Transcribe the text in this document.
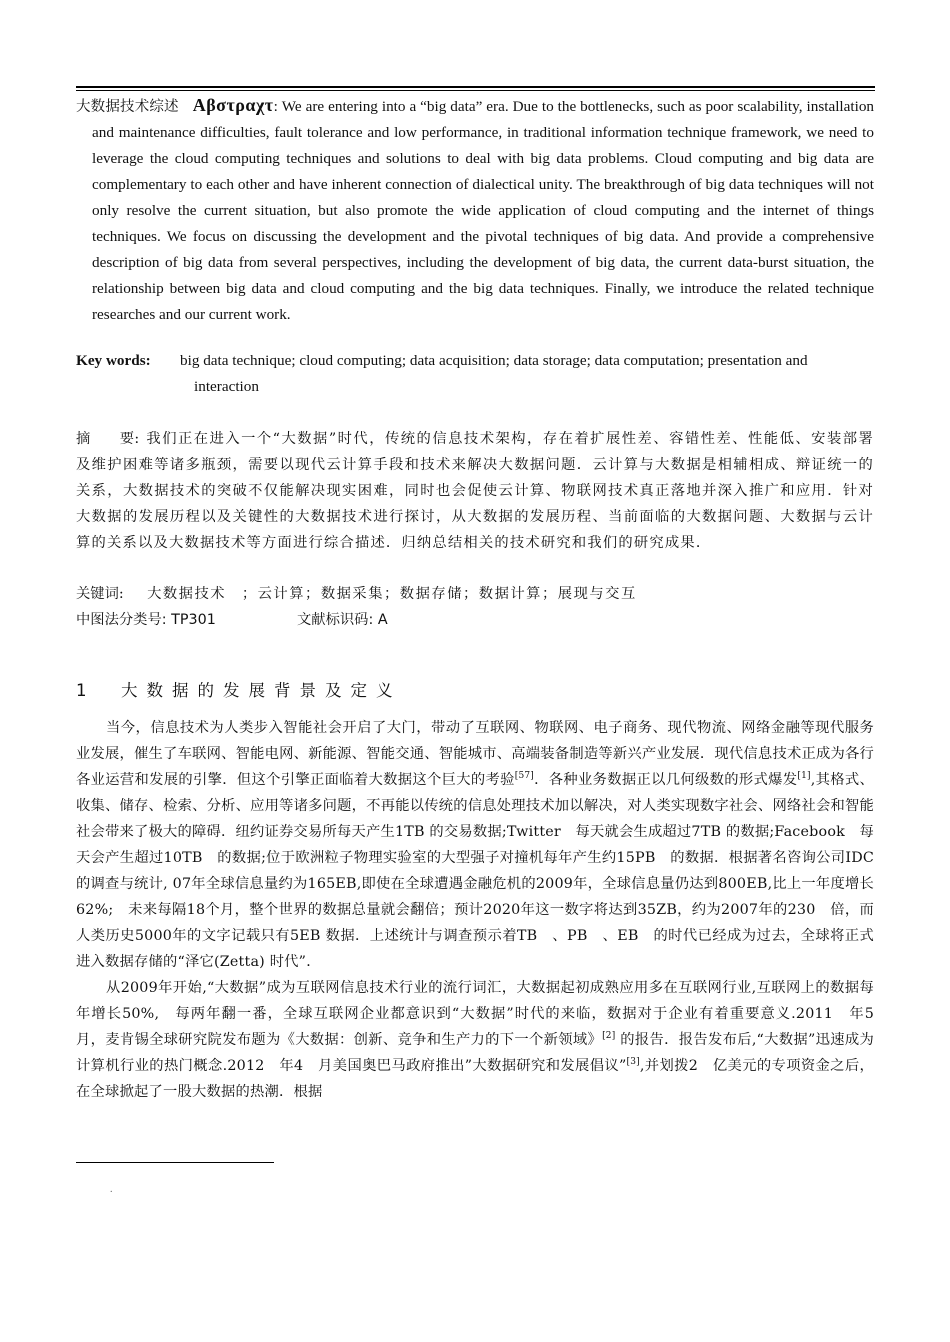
大数据技术综述 Αβστραχτ: We are entering into a “big data” era. Due to the bottlenecks, such as poor scalability, installation and maintenance difficulties, fault tolerance and low performance, in traditional information technique framework, we need to leverage the cloud computing techniques and solutions to deal with big data problems. Cloud computing and big data are complementary to each other and have inherent connection of dialectical unity. The breakthrough of big data techniques will not only resolve the current situation, but also promote the wide application of cloud computing and the internet of things techniques. We focus on discussing the development and the pivotal techniques of big data. And provide a comprehensive description of big data from several perspectives, including the development of big data, the current data-burst situation, the relationship between big data and cloud computing and the big data techniques. Finally, we introduce the related technique researches and our current work.

Key words: big data technique; cloud computing; data acquisition; data storage; data computation; presentation and
interaction
摘　　要: 我们正在进入一个“大数据”时代，传统的信息技术架构，存在着扩展性差、容错性差、性能低、安装部署及维护困难等诸多瓶颈，需要以现代云计算手段和技术来解决大数据问题．云计算与大数据是相辅相成、辩证统一的关系，大数据技术的突破不仅能解决现实困难，同时也会促使云计算、物联网技术真正落地并深入推广和应用．针对大数据的发展历程以及关键性的大数据技术进行探讨，从大数据的发展历程、当前面临的大数据问题、大数据与云计算的关系以及大数据技术等方面进行综合描述．归纳总结相关的技术研究和我们的研究成果．
关键词:　 大数据技术　；云计算；数据采集；数据存储；数据计算；展现与交互
中图法分类号: TP301	文献标识码: A
1　大数据的发展背景及定义

当今，信息技术为人类步入智能社会开启了大门，带动了互联网、物联网、电子商务、现代物流、网络金融等现代服务业发展，催生了车联网、智能电网、新能源、智能交通、智能城市、高端装备制造等新兴产业发展．现代信息技术正成为各行各业运营和发展的引擎．但这个引擎正面临着大数据这个巨大的考验[57]．各种业务数据正以几何级数的形式爆发[1],其格式、收集、储存、检索、分析、应用等诸多问题，不再能以传统的信息处理技术加以解决，对人类实现数字社会、网络社会和智能社会带来了极大的障碍．纽约证券交易所每天产生1TB 的交易数据;Twitter　每天就会生成超过7TB 的数据;Facebook　每天会产生超过10TB　的数据;位于欧洲粒子物理实验室的大型强子对撞机每年产生约15PB　的数据．根据著名咨询公司IDC 的调查与统计, 07年全球信息量约为165EB,即使在全球遭遇金融危机的2009年，全球信息量仍达到800EB,比上一年度增长62%;　未来每隔18个月，整个世界的数据总量就会翻倍；预计2020年这一数字将达到35ZB，约为2007年的230　倍，而人类历史5000年的文字记载只有5EB 数据．上述统计与调查预示着TB　、PB　、EB　的时代已经成为过去，全球将正式进入数据存储的“泽它(Zetta) 时代”．

从2009年开始,“大数据”成为互联网信息技术行业的流行词汇，大数据起初成熟应用多在互联网行业,互联网上的数据每年增长50%,　每两年翻一番，全球互联网企业都意识到“大数据”时代的来临，数据对于企业有着重要意义.2011　年5　月，麦肯锡全球研究院发布题为《大数据：创新、竞争和生产力的下一个新领域》[2] 的报告．报告发布后,“大数据”迅速成为计算机行业的热门概念.2012　年4　月美国奥巴马政府推出”大数据研究和发展倡议”[3],并划拨2　亿美元的专项资金之后，在全球掀起了一股大数据的热潮．根据

.
